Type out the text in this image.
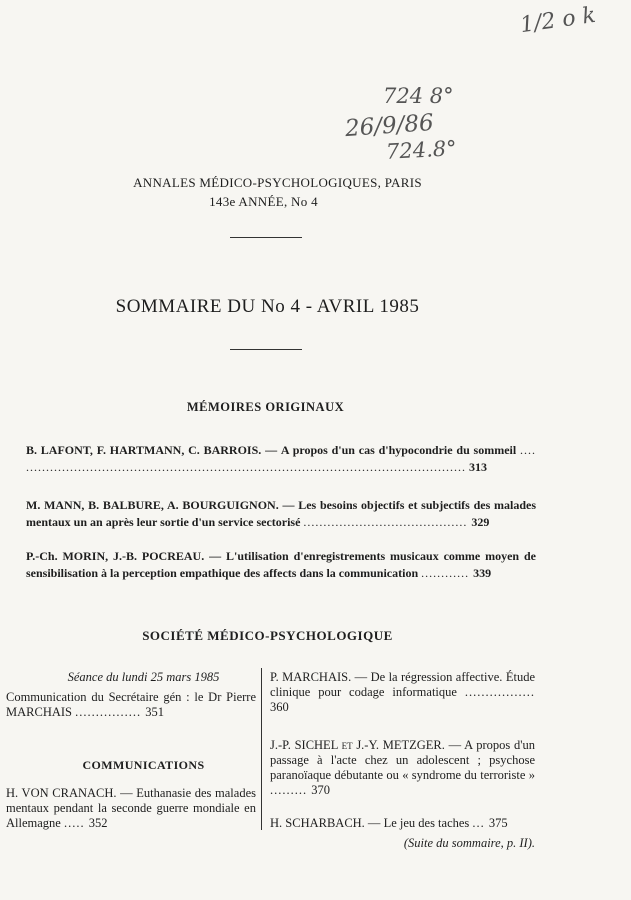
1/2 o k
724 8°
26/9/86
724.8°
ANNALES MÉDICO-PSYCHOLOGIQUES, PARIS
143e ANNÉE, No 4
SOMMAIRE DU No 4 - AVRIL 1985
MÉMOIRES ORIGINAUX
B. LAFONT, F. HARTMANN, C. BARROIS. — A propos d'un cas d'hypocondrie du sommeil .... .............................................................................................................. 313
M. MANN, B. BALBURE, A. BOURGUIGNON. — Les besoins objectifs et subjectifs des malades mentaux un an après leur sortie d'un service sectorisé ......................................... 329
P.-Ch. MORIN, J.-B. POCREAU. — L'utilisation d'enregistrements musicaux comme moyen de sensibilisation à la perception empathique des affects dans la communication ............ 339
SOCIÉTÉ MÉDICO-PSYCHOLOGIQUE
Séance du lundi 25 mars 1985
Communication du Secrétaire gén : le Dr Pierre MARCHAIS ................ 351
COMMUNICATIONS
H. VON CRANACH. — Euthanasie des malades mentaux pendant la seconde guerre mondiale en Allemagne ..... 352
P. MARCHAIS. — De la régression affective. Étude clinique pour codage informatique ................. 360
J.-P. SICHEL et J.-Y. METZGER. — A propos d'un passage à l'acte chez un adolescent ; psychose paranoïaque débutante ou « syndrome du terroriste » ......... 370
H. SCHARBACH. — Le jeu des taches ... 375
(Suite du sommaire, p. II).
